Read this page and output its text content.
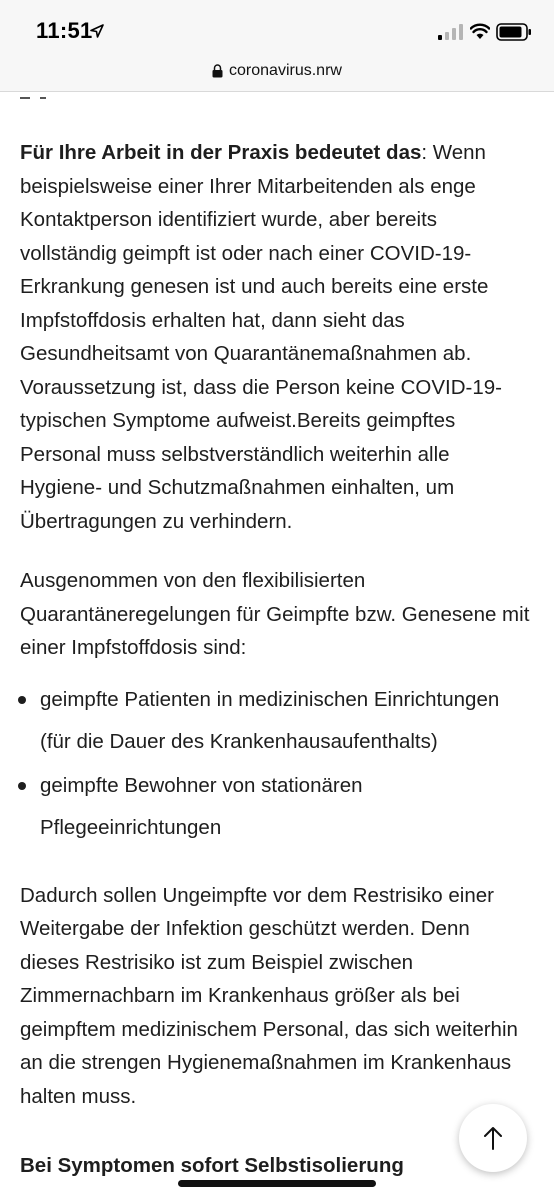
11:51
coronavirus.nrw

Für Ihre Arbeit in der Praxis bedeutet das: Wenn beispielsweise einer Ihrer Mitarbeitenden als enge Kontaktperson identifiziert wurde, aber bereits vollständig geimpft ist oder nach einer COVID-19-Erkrankung genesen ist und auch bereits eine erste Impfstoffdosis erhalten hat, dann sieht das Gesundheitsamt von Quarantänemaßnahmen ab. Voraussetzung ist, dass die Person keine COVID-19-typischen Symptome aufweist.Bereits geimpftes Personal muss selbstverständlich weiterhin alle Hygiene- und Schutzmaßnahmen einhalten, um Übertragungen zu verhindern.

Ausgenommen von den flexibilisierten Quarantäneregelungen für Geimpfte bzw. Genesene mit einer Impfstoffdosis sind:

geimpfte Patienten in medizinischen Einrichtungen (für die Dauer des Krankenhausaufenthalts)
geimpfte Bewohner von stationären Pflegeeinrichtungen

Dadurch sollen Ungeimpfte vor dem Restrisiko einer Weitergabe der Infektion geschützt werden. Denn dieses Restrisiko ist zum Beispiel zwischen Zimmernachbarn im Krankenhaus größer als bei geimpftem medizinischem Personal, das sich weiterhin an die strengen Hygienemaßnahmen im Krankenhaus halten muss.

Bei Symptomen sofort Selbstisolierung
